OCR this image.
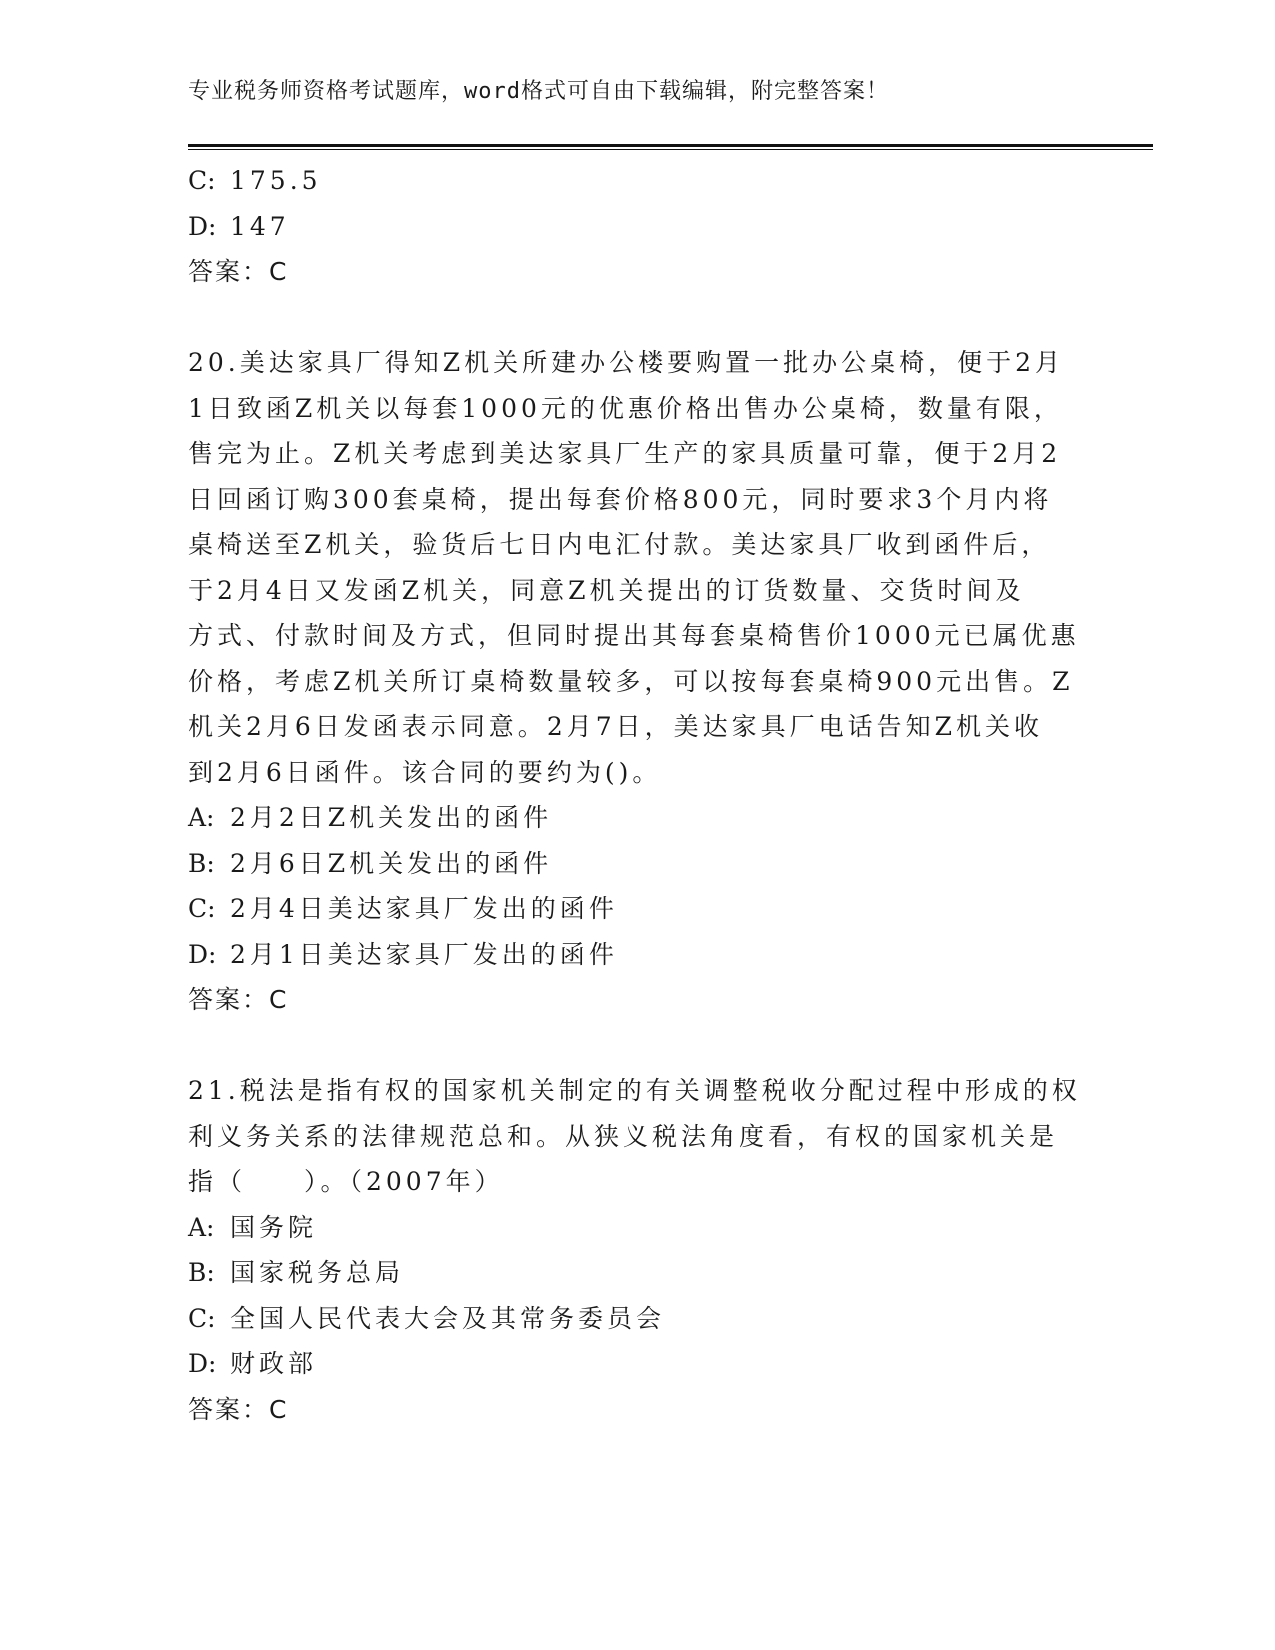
专业税务师资格考试题库，word格式可自由下载编辑，附完整答案！
C: 175.5
D: 147
答案：C
20.美达家具厂得知Z机关所建办公楼要购置一批办公桌椅，便于2月
1日致函Z机关以每套1000元的优惠价格出售办公桌椅，数量有限，
售完为止。Z机关考虑到美达家具厂生产的家具质量可靠，便于2月2
日回函订购300套桌椅，提出每套价格800元，同时要求3个月内将
桌椅送至Z机关，验货后七日内电汇付款。美达家具厂收到函件后，
于2月4日又发函Z机关，同意Z机关提出的订货数量、交货时间及
方式、付款时间及方式，但同时提出其每套桌椅售价1000元已属优惠
价格，考虑Z机关所订桌椅数量较多，可以按每套桌椅900元出售。Z
机关2月6日发函表示同意。2月7日，美达家具厂电话告知Z机关收
到2月6日函件。该合同的要约为()。
A: 2月2日Z机关发出的函件
B: 2月6日Z机关发出的函件
C: 2月4日美达家具厂发出的函件
D: 2月1日美达家具厂发出的函件
答案：C
21.税法是指有权的国家机关制定的有关调整税收分配过程中形成的权
利义务关系的法律规范总和。从狭义税法角度看，有权的国家机关是
指（　　）。（2007年）
A: 国务院
B: 国家税务总局
C: 全国人民代表大会及其常务委员会
D: 财政部
答案：C
